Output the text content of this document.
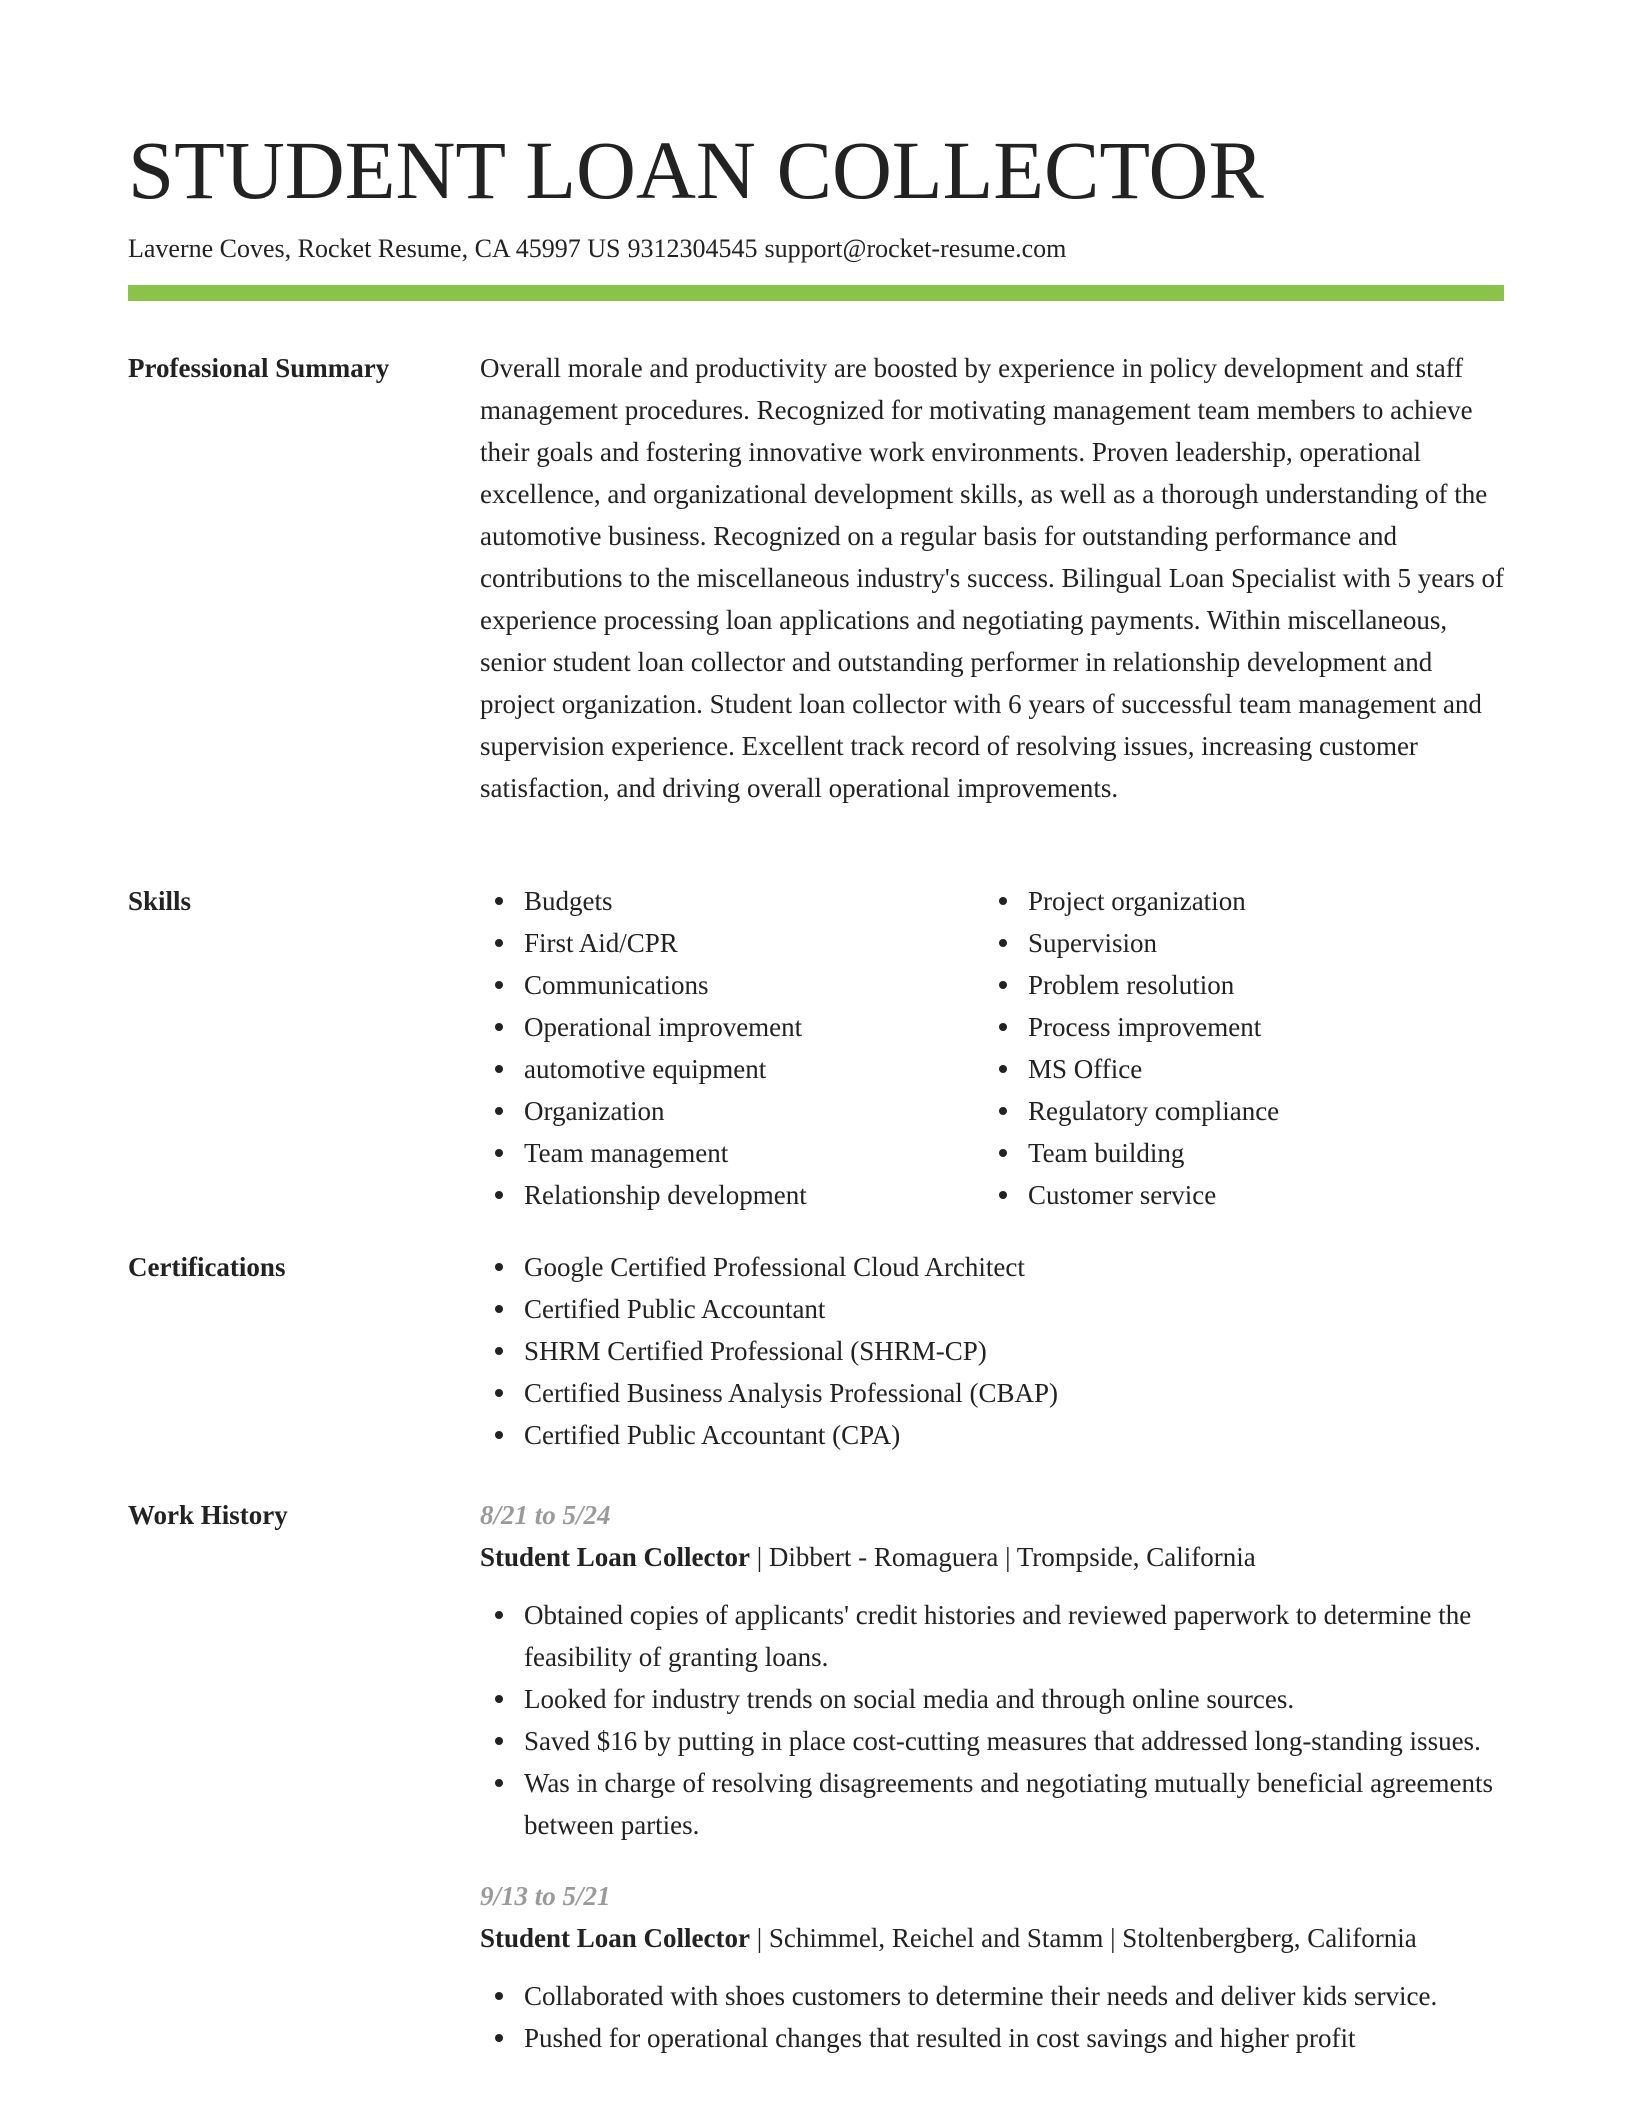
STUDENT LOAN COLLECTOR
Laverne Coves, Rocket Resume, CA 45997 US 9312304545 support@rocket-resume.com
Professional Summary	Overall morale and productivity are boosted by experience in policy development and staff management procedures. Recognized for motivating management team members to achieve their goals and fostering innovative work environments. Proven leadership, operational excellence, and organizational development skills, as well as a thorough understanding of the automotive business. Recognized on a regular basis for outstanding performance and contributions to the miscellaneous industry's success. Bilingual Loan Specialist with 5 years of experience processing loan applications and negotiating payments. Within miscellaneous, senior student loan collector and outstanding performer in relationship development and project organization. Student loan collector with 6 years of successful team management and supervision experience. Excellent track record of resolving issues, increasing customer satisfaction, and driving overall operational improvements.

Skills	Budgets
First Aid/CPR
Communications
Operational improvement
automotive equipment
Organization
Team management
Relationship development
Project organization
Supervision
Problem resolution
Process improvement
MS Office
Regulatory compliance
Team building
Customer service
Certifications	Google Certified Professional Cloud Architect
Certified Public Accountant
SHRM Certified Professional (SHRM-CP)
Certified Business Analysis Professional (CBAP)
Certified Public Accountant (CPA)
Work History	8/21 to 5/24

Student Loan Collector | Dibbert - Romaguera | Trompside, California

Obtained copies of applicants' credit histories and reviewed paperwork to determine the feasibility of granting loans.
Looked for industry trends on social media and through online sources.
Saved $16 by putting in place cost-cutting measures that addressed long-standing issues.
Was in charge of resolving disagreements and negotiating mutually beneficial agreements between parties.

9/13 to 5/21

Student Loan Collector | Schimmel, Reichel and Stamm | Stoltenbergberg, California

Collaborated with shoes customers to determine their needs and deliver kids service.
Pushed for operational changes that resulted in cost savings and higher profit
